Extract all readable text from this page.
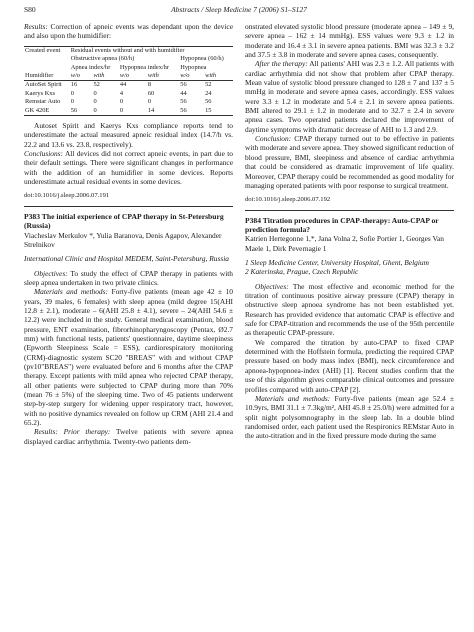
S80	Abstracts / Sleep Medicine 7 (2006) S1–S127

Results: Correction of apneic events was dependant upon the device and also upon the humidifier:

Created event	Residual events without and with humidifier					
	Obstructive apnea (60/h)				Hypopnea (60/h)	
	Apnea index/hr		Hypopnea index/hr		Hypopnea	
Humidifier	w/o	with	w/o	with	w/o	with
AutoSet Spirit	16	52	44	8	56	52
Kaerys Kxs	0	0	4	60	44	24
Remstar Auto	0	0	0	0	56	56
GK 420E	56	0	0	14	56	15

Autoset Spirit and Kaerys Kxs compliance reports tend to underestimate the actual measured apneic residual index (14.7/h vs. 22.2 and 13.6 vs. 23.8, respectively).

Conclusions: All devices did not correct apneic events, in part due to their default settings. There were significant changes in performance with the addition of an humidifier in some devices. Reports underestimate actual residual events in some devices.

doi:10.1016/j.sleep.2006.07.191

P383 The initial experience of CPAP therapy in St-Petersburg (Russia)

Viacheslav Merkulov *, Yulia Baranova, Denis Agapov, Alexander Strelnikov

International Clinic and Hospital MEDEM, Saint-Petersburg, Russia

Objectives: To study the effect of CPAP therapy in patients with sleep apnea undertaken in two private clinics.

Materials and methods: Forty-five patients (mean age 42 ± 10 years, 39 males, 6 females) with sleep apnea (mild degree 15(AHI 12.8 ± 2.1), moderate – 6(AHI 25.8 ± 4.1), severe – 24(AHI 54.6 ± 12.2) were included in the study. General medical examination, blood pressure, ENT examination, fibrorhinopharyngoscopy (Pentax, Ø2.7 mm) with functional tests, patients' questionnaire, daytime sleepiness (Epworth Sleepiness Scale = ESS), cardiorespiratory monitoring (CRM)-diagnostic system SC20 "BREAS" with and without CPAP (pv10"BREAS") were evaluated before and 6 months after the CPAP therapy. Except patients with mild apnea who rejected CPAP therapy, all other patients were subjected to CPAP during more than 70% (mean 76 ± 5%) of the sleeping time. Two of 45 patients underwent step-by-step surgery for widening upper respiratory tract, however, with no positive dynamics revealed on follow up CRM (AHI 21.4 and 65.2).

Results: Prior therapy: Twelve patients with severe apnea displayed cardiac arrhythmia. Twenty-two patients dem-

onstrated elevated systolic blood pressure (moderate apnea – 149 ± 9, severe apnea – 162 ± 14 mmHg). ESS values were 9.3 ± 1.2 in moderate and 16.4 ± 3.1 in severe apnea patients. BMI was 32.3 ± 3.2 and 37.5 ± 3.8 in moderate and severe apnea cases, consequently.

After the therapy: All patients' AHI was 2.3 ± 1.2. All patients with cardiac arrhythmia did not show that problem after CPAP therapy. Mean value of systolic blood pressure changed to 128 ± 7 and 137 ± 5 mmHg in moderate and severe apnea cases, accordingly. ESS values were 3.3 ± 1.2 in moderate and 5.4 ± 2.1 in severe apnea patients. BMI altered to 29.1 ± 1.2 in moderate and to 32.7 ± 2.4 in severe apnea cases. Two operated patients declared the improvement of daytime symptoms with dramatic decrease of AHI to 1.3 and 2.9.

Conclusion: CPAP therapy turned out to be effective in patients with moderate and severe apnea. They showed significant reduction of blood pressure, BMI, sleepiness and absence of cardiac arrhythmia that could be considered as dramatic improvement of life quality. Moreover, CPAP therapy could be recommended as good modality for managing operated patients with poor response to surgical treatment.

doi:10.1016/j.sleep.2006.07.192

P384 Titration procedures in CPAP-therapy: Auto-CPAP or prediction formula?

Katrien Hertegonne 1,*, Jana Volna 2, Sofie Portier 1, Georges Van Maele 1, Dirk Pevernagie 1

1 Sleep Medicine Center, University Hospital, Ghent, Belgium

2 Katerinska, Prague, Czech Republic

Objectives: The most effective and economic method for the titration of continuous positive airway pressure (CPAP) therapy in obstructive sleep apnoea syndrome has not been established yet. Research has provided evidence that automatic CPAP is effective and safe for CPAP-titration and recommends the use of the 95th percentile as therapeutic CPAP-pressure.

We compared the titration by auto-CPAP to fixed CPAP determined with the Hoffstein formula, predicting the required CPAP pressure based on body mass index (BMI), neck circumference and apnoea-hypopnoea-index (AHI) [1]. Recent studies confirm that the use of this algorithm gives comparable clinical outcomes and pressure profiles compared with auto-CPAP [2].

Materials and methods: Forty-five patients (mean age 52.4 ± 10.9yrs, BMI 31.1 ± 7.3kg/m², AHI 45.8 ± 25.0/h) were admitted for a split night polysomnography in the sleep lab. In a double blind randomised order, each patient used the Respironics REMstar Auto in the auto-titration and in the fixed pressure mode during the same
